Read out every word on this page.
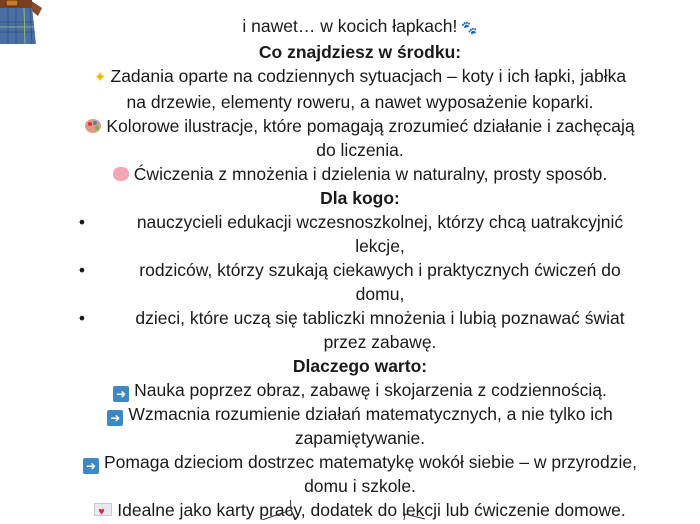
i nawet… w kocich łapkach! 🐾
Co znajdziesz w środku:
✦ Zadania oparte na codziennych sytuacjach – koty i ich łapki, jabłka
na drzewie, elementy roweru, a nawet wyposażenie koparki.
Kolorowe ilustracje, które pomagają zrozumieć działanie i zachęcają
do liczenia.
Ćwiczenia z mnożenia i dzielenia w naturalny, prosty sposób.
Dla kogo:
•	nauczycieli edukacji wczesnoszkolnej, którzy chcą uatrakcyjnić
lekcje,
•	rodziców, którzy szukają ciekawych i praktycznych ćwiczeń do
domu,
•	dzieci, które uczą się tabliczki mnożenia i lubią poznawać świat
przez zabawę.
Dlaczego warto:
➜ Nauka poprzez obraz, zabawę i skojarzenia z codziennością.
➜ Wzmacnia rozumienie działań matematycznych, a nie tylko ich
zapamiętywanie.
➜ Pomaga dzieciom dostrzec matematykę wokół siebie – w przyrodzie,
domu i szkole.
♥Idealne jako karty pracy, dodatek do lekcji lub ćwiczenie domowe.
